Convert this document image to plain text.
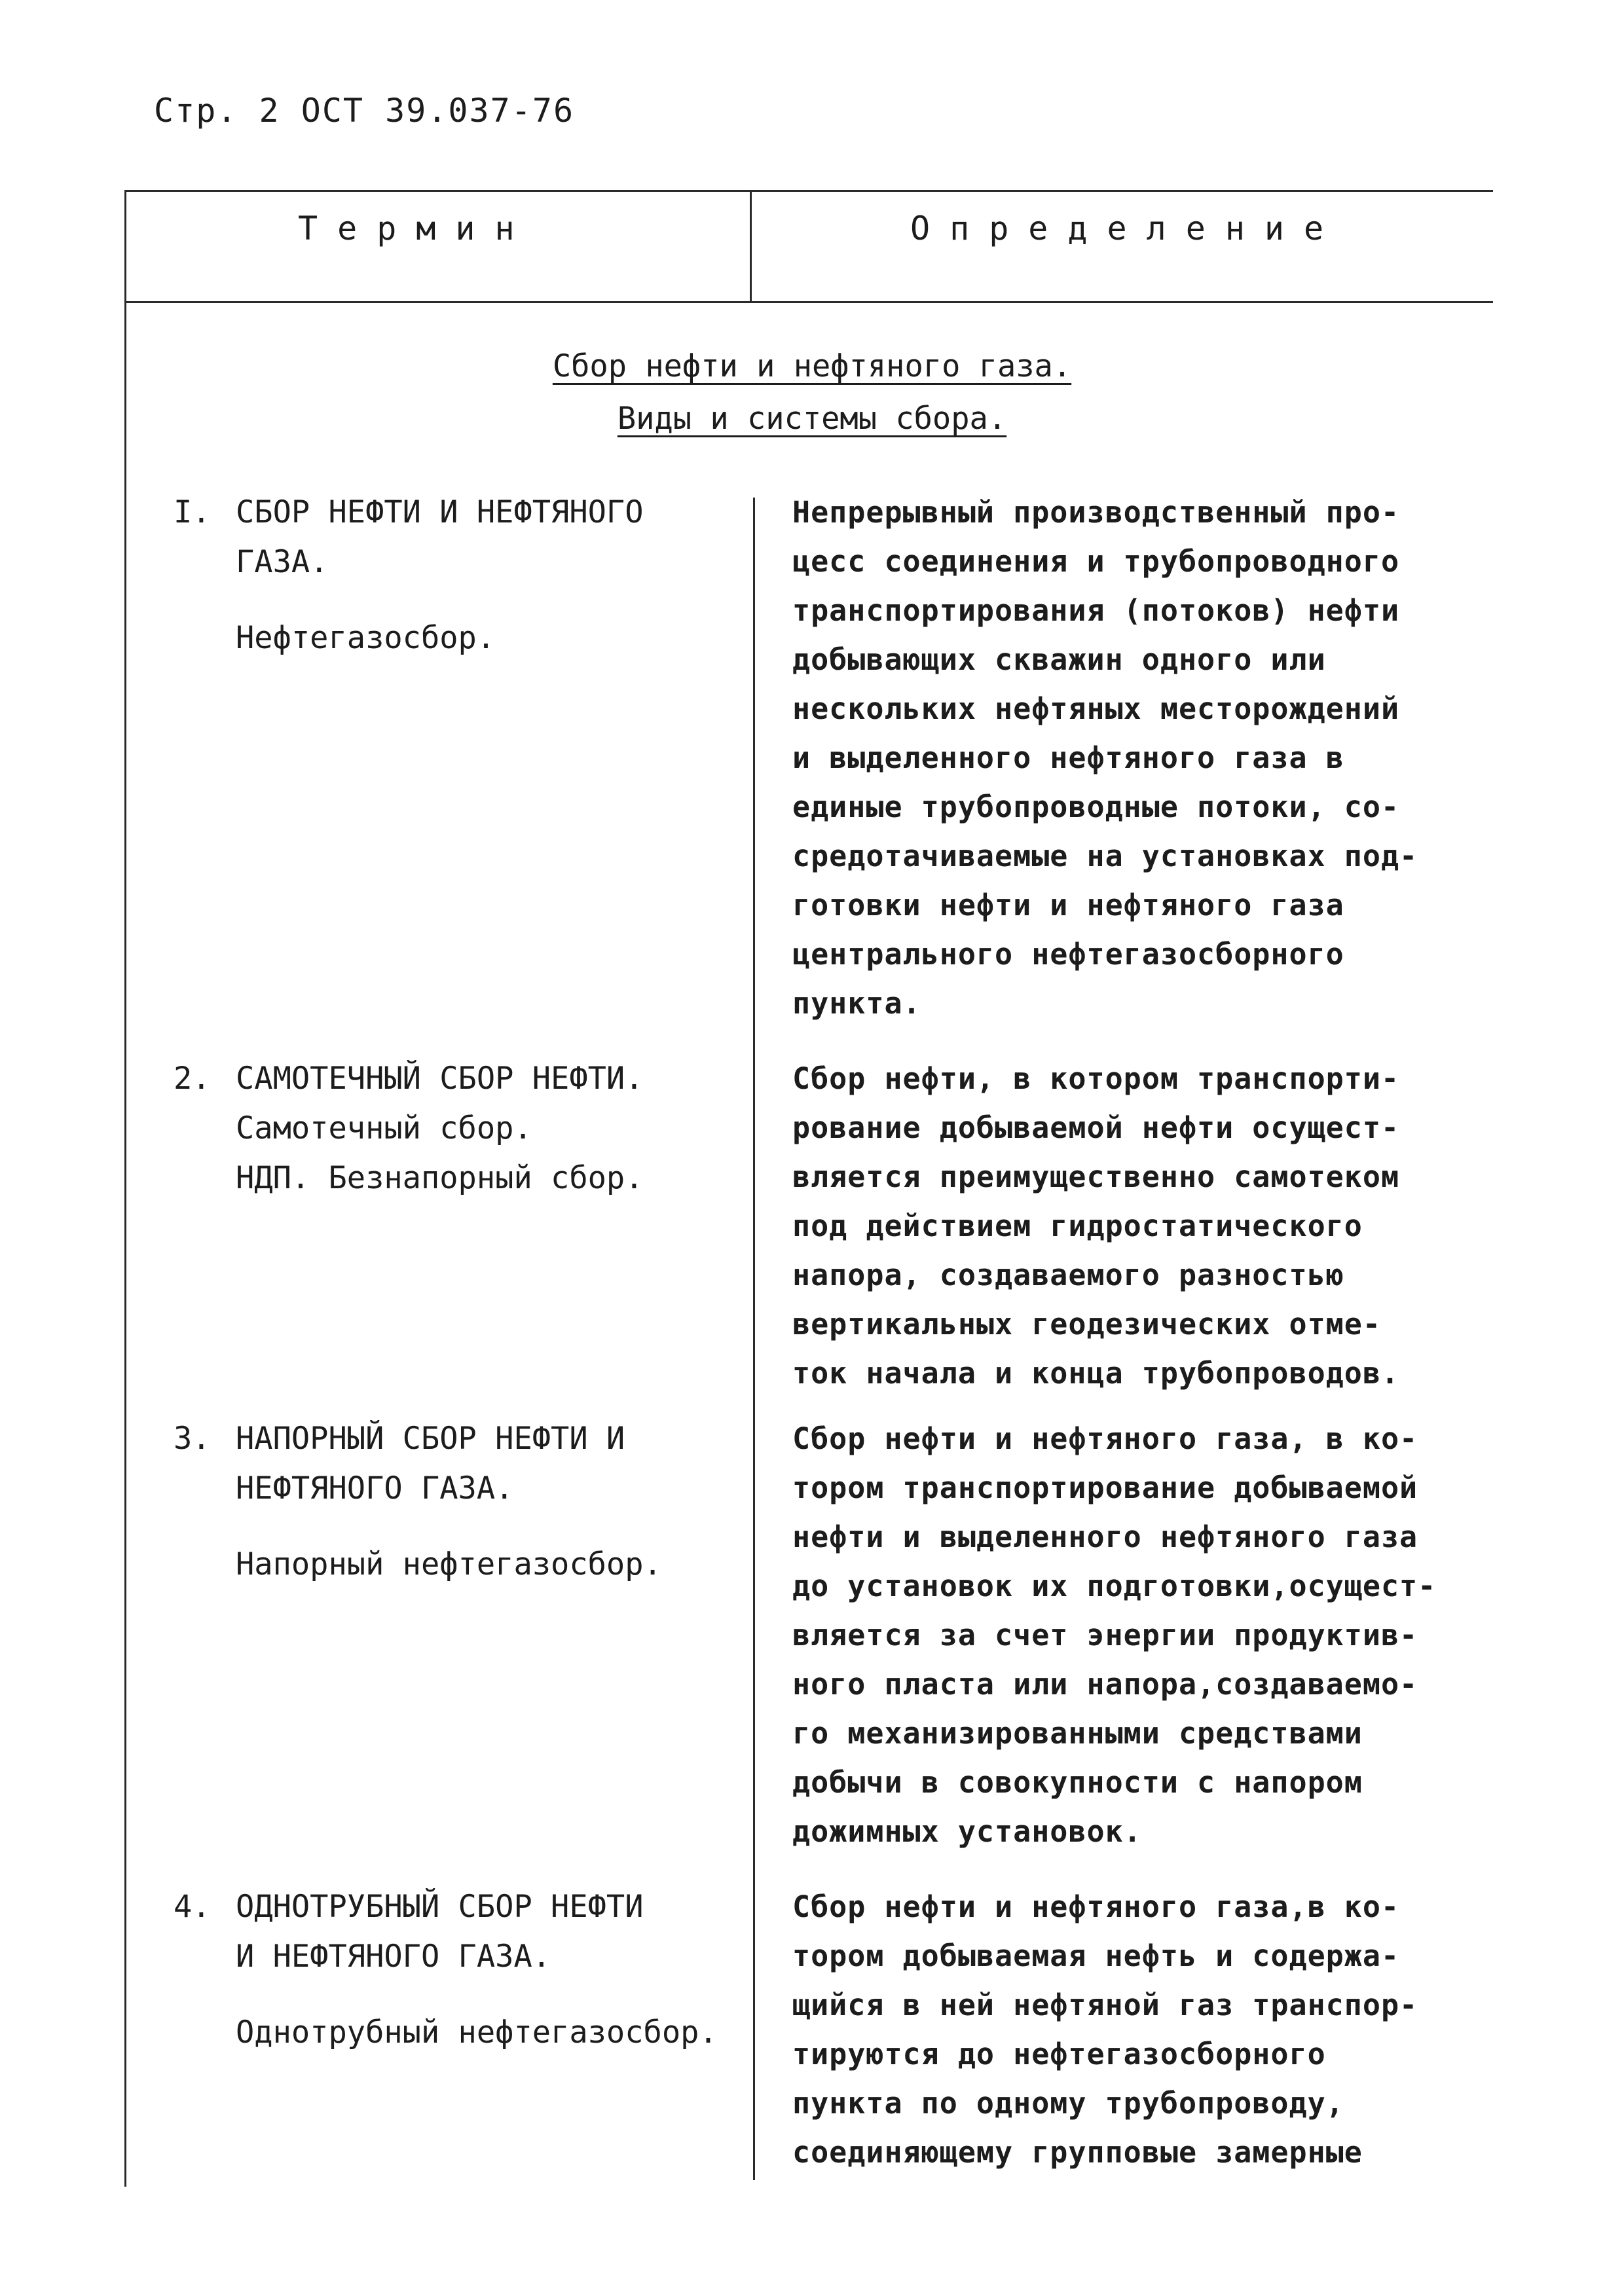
Стр. 2 ОСТ 39.037-76
Термин	Определение
Сбор нефти и нефтяного газа.
Виды и системы сбора.
I. СБОР НЕФТИ И НЕФТЯНОГО
ГАЗА.
Нефтегазосбор.
Непрерывный производственный про-
цесс соединения и трубопроводного
транспортирования (потоков) нефти
добывающих скважин одного или
нескольких нефтяных месторождений
и выделенного нефтяного газа в
единые трубопроводные потоки, со-
средотачиваемые на установках под-
готовки нефти и нефтяного газа
центрального нефтегазосборного
пункта.
2. САМОТЕЧНЫЙ СБОР НЕФТИ.
Самотечный сбор.
НДП. Безнапорный сбор.
Сбор нефти, в котором транспорти-
рование добываемой нефти осущест-
вляется преимущественно самотеком
под действием гидростатического
напора, создаваемого разностью
вертикальных геодезических отме-
ток начала и конца трубопроводов.
3. НАПОРНЫЙ СБОР НЕФТИ И
НЕФТЯНОГО ГАЗА.
Напорный нефтегазосбор.
Сбор нефти и нефтяного газа, в ко-
тором транспортирование добываемой
нефти и выделенного нефтяного газа
до установок их подготовки,осущест-
вляется за счет энергии продуктив-
ного пласта или напора,создаваемо-
го механизированными средствами
добычи в совокупности с напором
дожимных установок.
4. ОДНОТРУБНЫЙ СБОР НЕФТИ
И НЕФТЯНОГО ГАЗА.
Однотрубный нефтегазосбор.
Сбор нефти и нефтяного газа,в ко-
тором добываемая нефть и содержа-
щийся в ней нефтяной газ транспор-
тируются до нефтегазосборного
пункта по одному трубопроводу,
соединяющему групповые замерные
